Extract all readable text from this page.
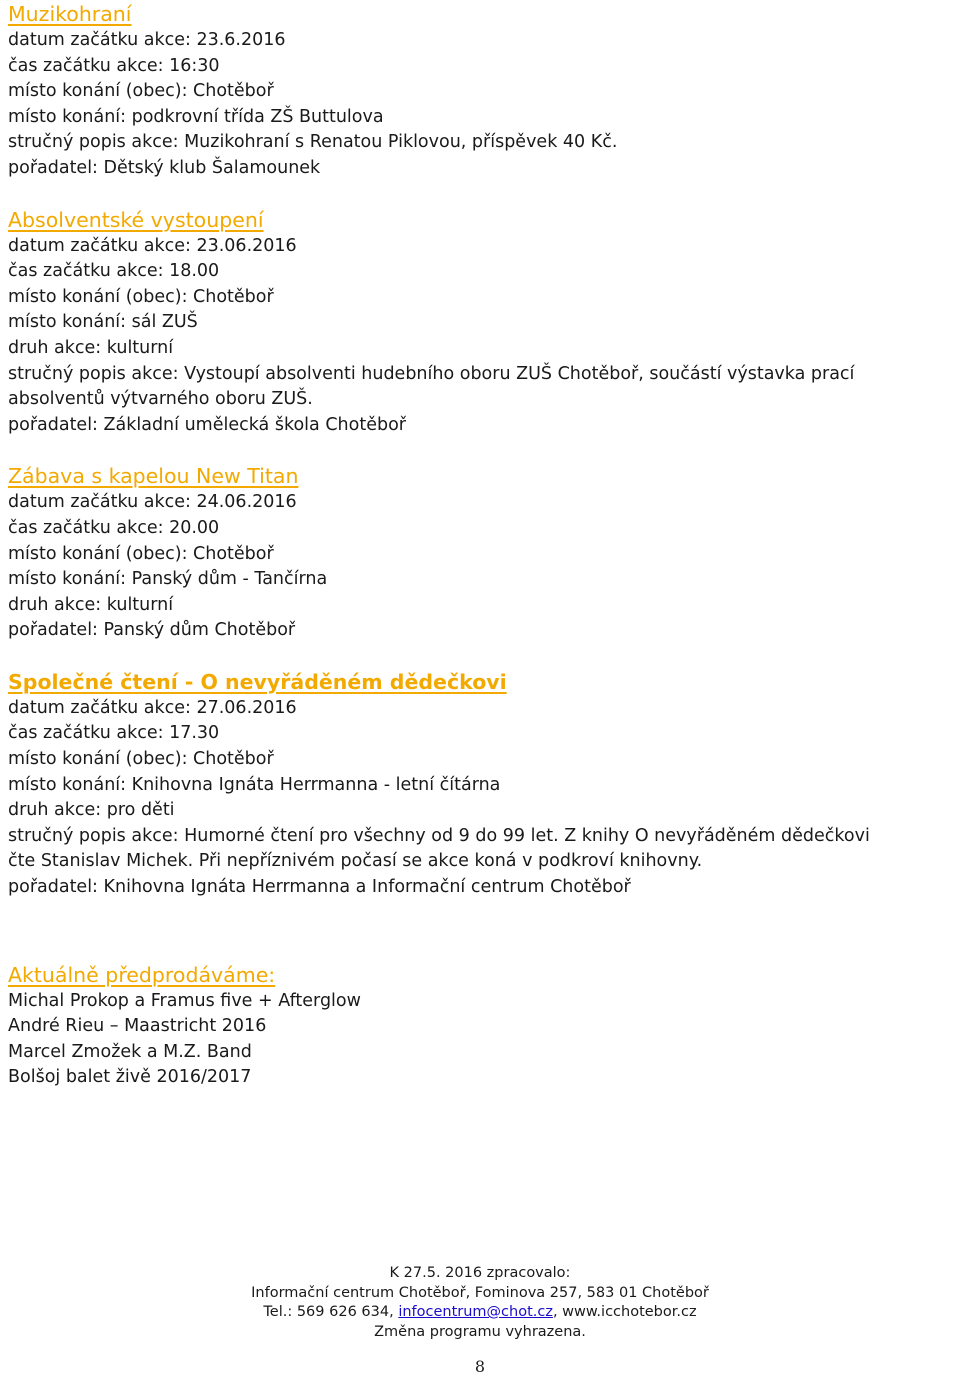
Muzikohraní

datum začátku akce: 23.6.2016

čas začátku akce: 16:30

místo konání (obec): Chotěboř

místo konání: podkrovní třída ZŠ Buttulova

stručný popis akce: Muzikohraní s Renatou Piklovou, příspěvek 40 Kč.

pořadatel: Dětský klub Šalamounek

Absolventské vystoupení

datum začátku akce: 23.06.2016

čas začátku akce: 18.00

místo konání (obec): Chotěboř

místo konání: sál ZUŠ

druh akce: kulturní

stručný popis akce: Vystoupí absolventi hudebního oboru ZUŠ Chotěboř, součástí výstavka prací

absolventů výtvarného oboru ZUŠ.

pořadatel: Základní umělecká škola Chotěboř

Zábava s kapelou New Titan

datum začátku akce: 24.06.2016

čas začátku akce: 20.00

místo konání (obec): Chotěboř

místo konání: Panský dům - Tančírna

druh akce: kulturní

pořadatel: Panský dům Chotěboř

Společné čtení - O nevyřáděném dědečkovi

datum začátku akce: 27.06.2016

čas začátku akce: 17.30

místo konání (obec): Chotěboř

místo konání: Knihovna Ignáta Herrmanna - letní čítárna

druh akce: pro děti

stručný popis akce: Humorné čtení pro všechny od 9 do 99 let. Z knihy O nevyřáděném dědečkovi

čte Stanislav Michek. Při nepříznivém počasí se akce koná v podkroví knihovny.

pořadatel: Knihovna Ignáta Herrmanna a Informační centrum Chotěboř

Aktuálně předprodáváme:

Michal Prokop a Framus five + Afterglow

André Rieu – Maastricht 2016

Marcel Zmožek a M.Z. Band

Bolšoj balet živě 2016/2017

K 27.5. 2016 zpracovalo:
Informační centrum Chotěboř, Fominova 257, 583 01 Chotěboř
Tel.: 569 626 634, infocentrum@chot.cz, www.icchotebor.cz
Změna programu vyhrazena.
8
